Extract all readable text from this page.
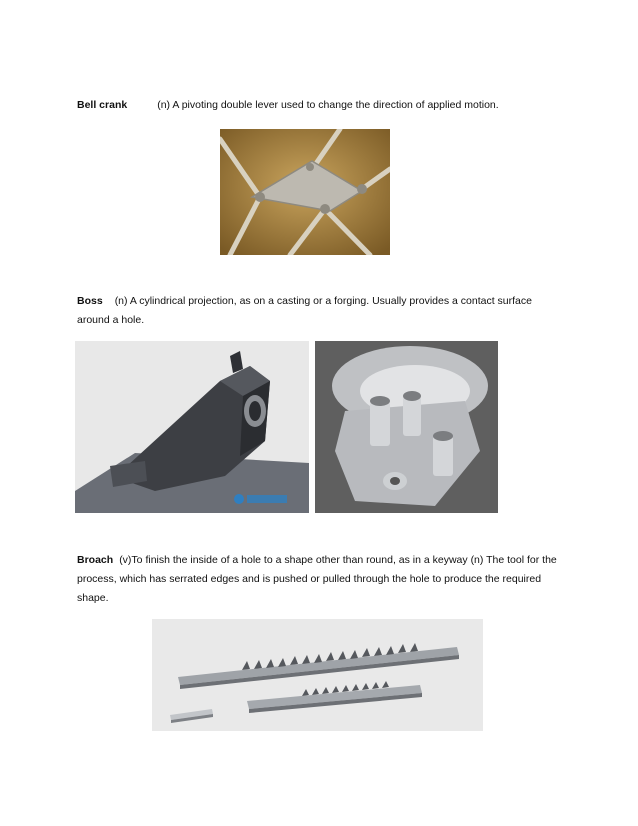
Bell crank	(n) A pivoting double lever used to change the direction of applied motion.

Boss (n) A cylindrical projection, as on a casting or a forging. Usually provides a contact surface

around a hole.

Broach (v)To finish the inside of a hole to a shape other than round, as in a keyway (n) The tool for the

process, which has serrated edges and is pushed or pulled through the hole to produce the required

shape.
